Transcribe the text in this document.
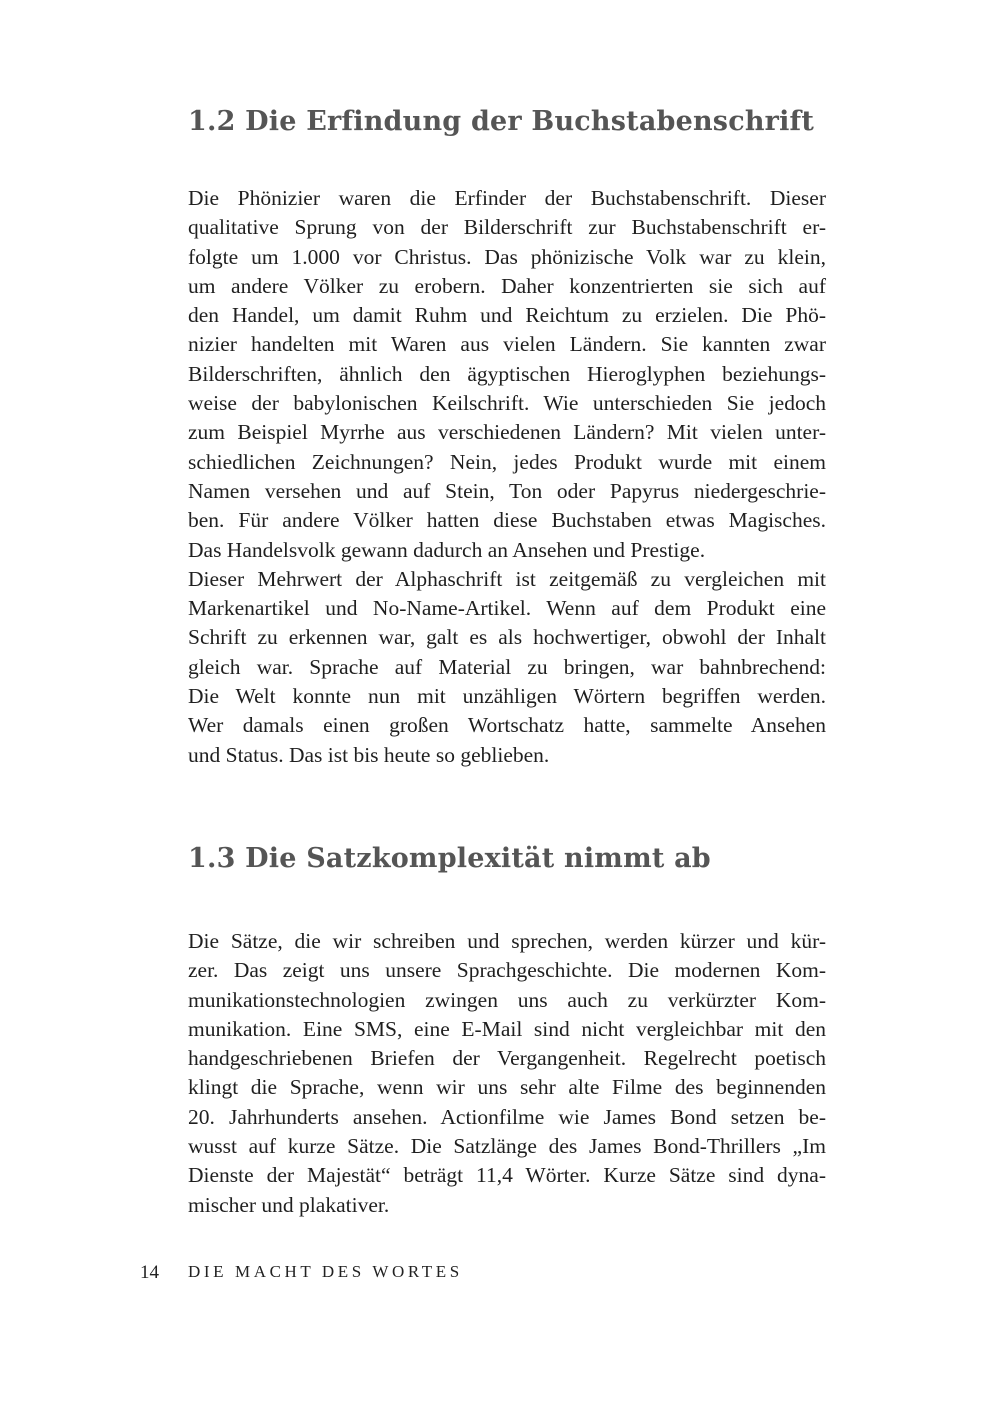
1.2 Die Erfindung der Buchstabenschrift
Die Phönizier waren die Erfinder der Buchstabenschrift. Dieser
qualitative Sprung von der Bilderschrift zur Buchstabenschrift er-
folgte um 1.000 vor Christus. Das phönizische Volk war zu klein,
um andere Völker zu erobern. Daher konzentrierten sie sich auf
den Handel, um damit Ruhm und Reichtum zu erzielen. Die Phö-
nizier handelten mit Waren aus vielen Ländern. Sie kannten zwar
Bilderschriften, ähnlich den ägyptischen Hieroglyphen beziehungs-
weise der babylonischen Keilschrift. Wie unterschieden Sie jedoch
zum Beispiel Myrrhe aus verschiedenen Ländern? Mit vielen unter-
schiedlichen Zeichnungen? Nein, jedes Produkt wurde mit einem
Namen versehen und auf Stein, Ton oder Papyrus niedergeschrie-
ben. Für andere Völker hatten diese Buchstaben etwas Magisches.
Das Handelsvolk gewann dadurch an Ansehen und Prestige.
Dieser Mehrwert der Alphaschrift ist zeitgemäß zu vergleichen mit
Markenartikel und No-Name-Artikel. Wenn auf dem Produkt eine
Schrift zu erkennen war, galt es als hochwertiger, obwohl der Inhalt
gleich war. Sprache auf Material zu bringen, war bahnbrechend:
Die Welt konnte nun mit unzähligen Wörtern begriffen werden.
Wer damals einen großen Wortschatz hatte, sammelte Ansehen
und Status. Das ist bis heute so geblieben.
1.3 Die Satzkomplexität nimmt ab
Die Sätze, die wir schreiben und sprechen, werden kürzer und kür-
zer. Das zeigt uns unsere Sprachgeschichte. Die modernen Kom-
munikationstechnologien zwingen uns auch zu verkürzter Kom-
munikation. Eine SMS, eine E-Mail sind nicht vergleichbar mit den
handgeschriebenen Briefen der Vergangenheit. Regelrecht poetisch
klingt die Sprache, wenn wir uns sehr alte Filme des beginnenden
20. Jahrhunderts ansehen. Actionfilme wie James Bond setzen be-
wusst auf kurze Sätze. Die Satzlänge des James Bond-Thrillers „Im
Dienste der Majestät“ beträgt 11,4 Wörter. Kurze Sätze sind dyna-
mischer und plakativer.
14 DIE MACHT DES WORTES
